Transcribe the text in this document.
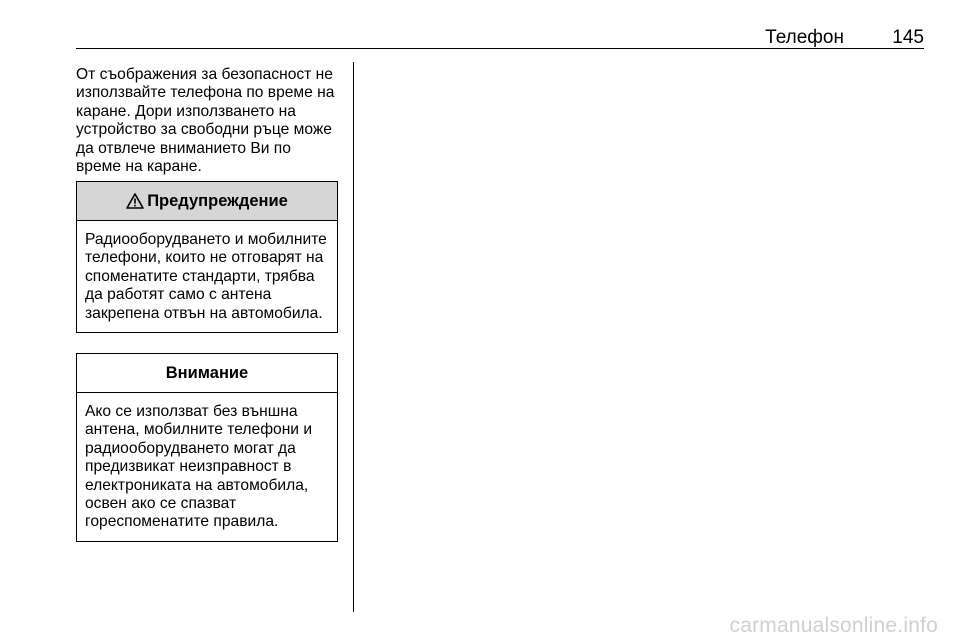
Телефон	145

От съображения за безопасност не използвайте телефона по време на каране. Дори използването на устройство за свободни ръце може да отвлече вниманието Ви по време на каране.

Предупреждение

Радиооборудването и мобилните телефони, които не отговарят на споменатите стандарти, трябва да работят само с антена закрепена отвън на автомобила.

Внимание

Ако се използват без външна антена, мобилните телефони и радиооборудването могат да предизвикат неизправност в електрониката на автомобила, освен ако се спазват гореспоменатите правила.

carmanualsonline.info
